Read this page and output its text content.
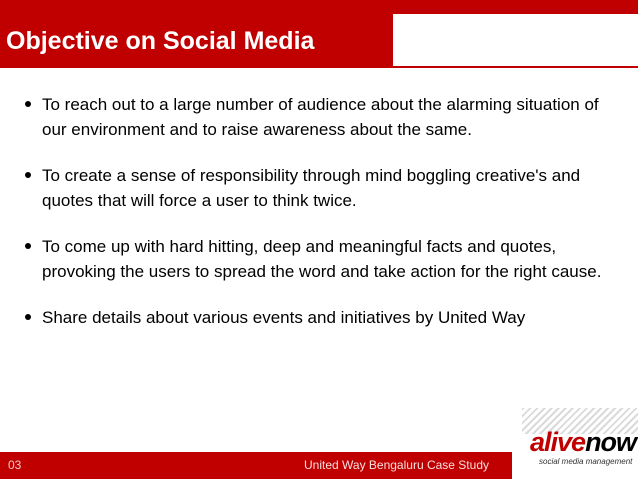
Objective on Social Media
To reach out to a large number of audience about the alarming situation of our environment and to raise awareness about the same.
To create a sense of responsibility through mind boggling creative's and quotes that will force a user to think twice.
To come up with hard hitting, deep and meaningful facts and quotes, provoking the users to spread the word and take action for the right cause.
Share details about various events and initiatives by United Way
03	United Way Bengaluru Case Study
alivenow
social media management
